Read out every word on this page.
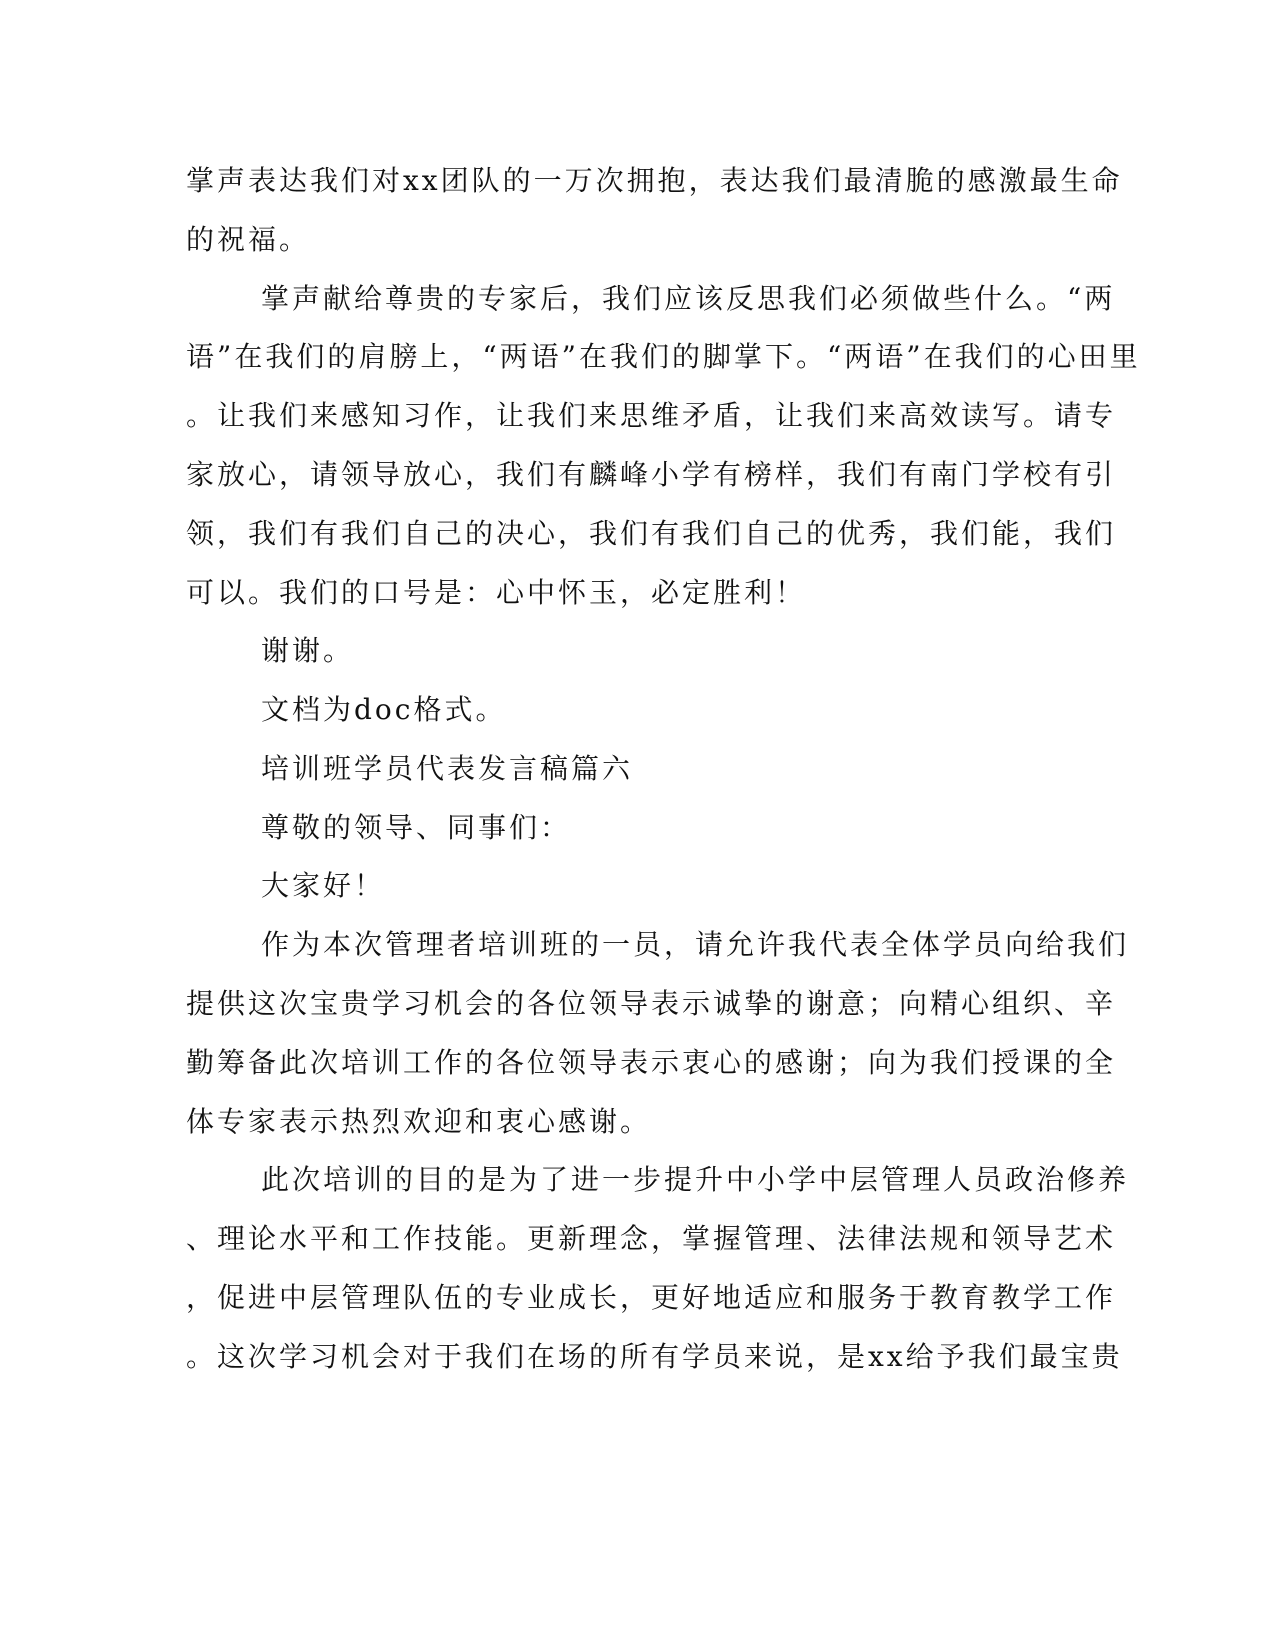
掌声表达我们对xx团队的一万次拥抱，表达我们最清脆的感激最生命
的祝福。
掌声献给尊贵的专家后，我们应该反思我们必须做些什么。“两
语”在我们的肩膀上，“两语”在我们的脚掌下。“两语”在我们的心田里
。让我们来感知习作，让我们来思维矛盾，让我们来高效读写。请专
家放心，请领导放心，我们有麟峰小学有榜样，我们有南门学校有引
领，我们有我们自己的决心，我们有我们自己的优秀，我们能，我们
可以。我们的口号是：心中怀玉，必定胜利！
谢谢。
文档为doc格式。
培训班学员代表发言稿篇六
尊敬的领导、同事们：
大家好！
作为本次管理者培训班的一员，请允许我代表全体学员向给我们
提供这次宝贵学习机会的各位领导表示诚挚的谢意；向精心组织、辛
勤筹备此次培训工作的各位领导表示衷心的感谢；向为我们授课的全
体专家表示热烈欢迎和衷心感谢。
此次培训的目的是为了进一步提升中小学中层管理人员政治修养
、理论水平和工作技能。更新理念，掌握管理、法律法规和领导艺术
，促进中层管理队伍的专业成长，更好地适应和服务于教育教学工作
。这次学习机会对于我们在场的所有学员来说，是xx给予我们最宝贵
